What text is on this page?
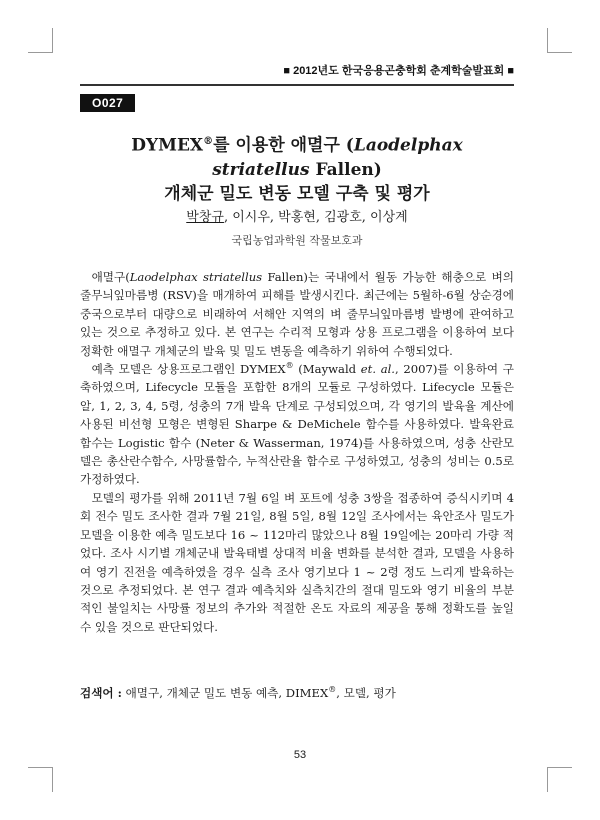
■ 2012년도 한국응용곤충학회 춘계학술발표회 ■
O027
DYMEX®를 이용한 애멸구 (Laodelphax striatellus Fallen)
개체군 밀도 변동 모델 구축 및 평가
박창규, 이시우, 박홍현, 김광호, 이상계
국립농업과학원 작물보호과

애멸구(Laodelphax striatellus Fallen)는 국내에서 월동 가능한 해충으로 벼의 줄무늬잎마름병 (RSV)을 매개하여 피해를 발생시킨다. 최근에는 5월하-6월 상순경에 중국으로부터 대량으로 비래하여 서해안 지역의 벼 줄무늬잎마름병 발병에 관여하고 있는 것으로 추정하고 있다. 본 연구는 수리적 모형과 상용 프로그램을 이용하여 보다 정확한 애멸구 개체군의 발육 및 밀도 변동을 예측하기 위하여 수행되었다.

예측 모델은 상용프로그램인 DYMEX® (Maywald et. al., 2007)를 이용하여 구축하였으며, Lifecycle 모듈을 포함한 8개의 모듈로 구성하였다. Lifecycle 모듈은 알, 1, 2, 3, 4, 5령, 성충의 7개 발육 단계로 구성되었으며, 각 영기의 발육율 계산에 사용된 비선형 모형은 변형된 Sharpe & DeMichele 함수를 사용하였다. 발육완료 함수는 Logistic 함수 (Neter & Wasserman, 1974)를 사용하였으며, 성충 산란모델은 총산란수함수, 사망률함수, 누적산란율 함수로 구성하였고, 성충의 성비는 0.5로 가정하였다.

모델의 평가를 위해 2011년 7월 6일 벼 포트에 성충 3쌍을 접종하여 증식시키며 4회 전수 밀도 조사한 결과 7월 21일, 8월 5일, 8월 12일 조사에서는 육안조사 밀도가 모델을 이용한 예측 밀도보다 16 ~ 112마리 많았으나 8월 19일에는 20마리 가량 적었다. 조사 시기별 개체군내 발육태별 상대적 비율 변화를 분석한 결과, 모델을 사용하여 영기 진전을 예측하였을 경우 실측 조사 영기보다 1 ~ 2령 정도 느리게 발육하는 것으로 추정되었다. 본 연구 결과 예측치와 실측치간의 절대 밀도와 영기 비율의 부분적인 불일치는 사망률 정보의 추가와 적절한 온도 자료의 제공을 통해 정확도를 높일 수 있을 것으로 판단되었다.

검색어 : 애멸구, 개체군 밀도 변동 예측, DIMEX®, 모델, 평가
53
